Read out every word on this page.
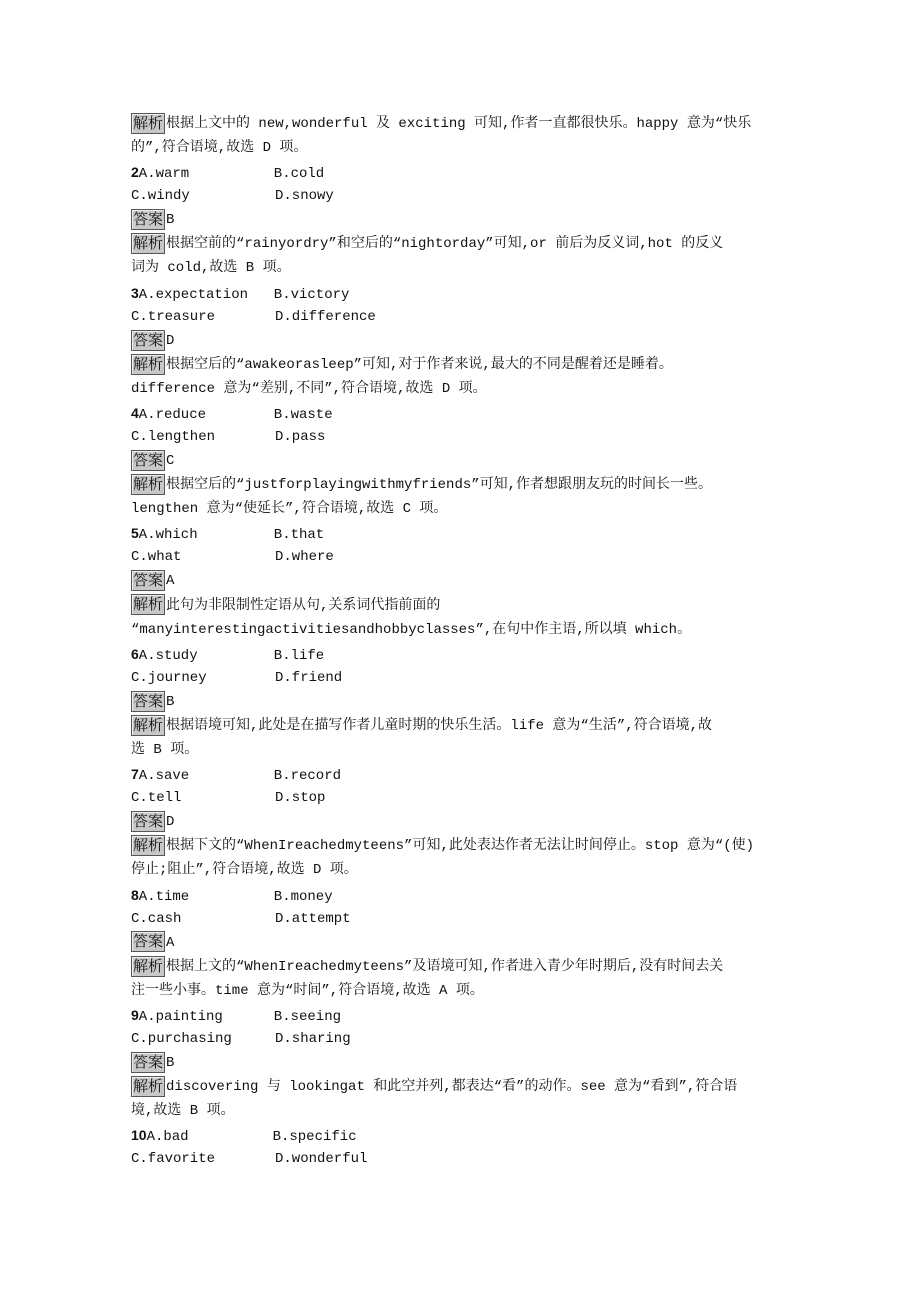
解析 根据上文中的 new,wonderful 及 exciting 可知,作者一直都很快乐。happy 意为“快乐
的”,符合语境,故选 D 项。
2A.warm	B.cold
C.windy	D.snowy
答案 B
解析 根据空前的“rainyordry”和空后的“nightorday”可知,or 前后为反义词,hot 的反义
词为 cold,故选 B 项。
3A.expectation B.victory
C.treasure	D.difference
答案 D
解析 根据空后的“awakeorasleep”可知,对于作者来说,最大的不同是醒着还是睡着。
difference 意为“差别,不同”,符合语境,故选 D 项。
4A.reduce	B.waste
C.lengthen	D.pass
答案 C
解析 根据空后的“justforplayingwithmyfriends”可知,作者想跟朋友玩的时间长一些。
lengthen 意为“使延长”,符合语境,故选 C 项。
5A.which	B.that
C.what	D.where
答案 A
解析 此句为非限制性定语从句,关系词代指前面的
“manyinterestingactivitiesandhobbyclasses”,在句中作主语,所以填 which。
6A.study	B.life
C.journey	D.friend
答案 B
解析 根据语境可知,此处是在描写作者儿童时期的快乐生活。life 意为“生活”,符合语境,故
选 B 项。
7A.save	B.record
C.tell	D.stop
答案 D
解析 根据下文的“WhenIreachedmyteens”可知,此处表达作者无法让时间停止。stop 意为“(使)
停止;阻止”,符合语境,故选 D 项。
8A.time	B.money
C.cash	D.attempt
答案 A
解析 根据上文的“WhenIreachedmyteens”及语境可知,作者进入青少年时期后,没有时间去关
注一些小事。time 意为“时间”,符合语境,故选 A 项。
9A.painting	B.seeing
C.purchasing	D.sharing
答案 B
解析 discovering 与 lookingat 和此空并列,都表达“看”的动作。see 意为“看到”,符合语
境,故选 B 项。
10A.bad	B.specific
C.favorite	D.wonderful
